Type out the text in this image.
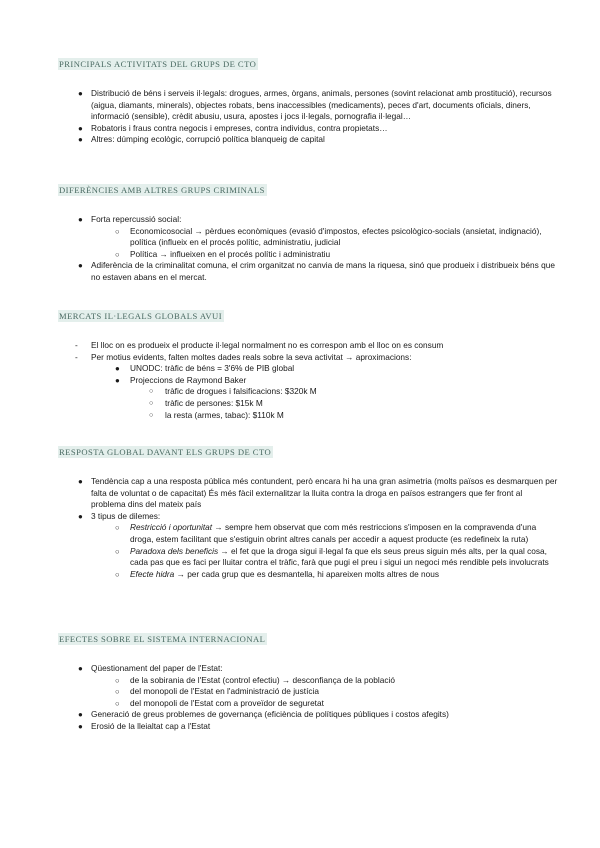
PRINCIPALS ACTIVITATS DEL GRUPS DE CTO
● Distribució de béns i serveis il·legals: drogues, armes, òrgans, animals, persones (sovint relacionat amb prostitució), recursos (aigua, diamants, minerals), objectes robats, bens inaccessibles (medicaments), peces d'art, documents oficials, diners, informació (sensible), crèdit abusiu, usura, apostes i jocs il·legals, pornografia il·legal…
● Robatoris i fraus contra negocis i empreses, contra individus, contra propietats…
● Altres: dúmping ecològic, corrupció política blanqueig de capital
DIFERÈNCIES AMB ALTRES GRUPS CRIMINALS
● Forta repercussió social:
○ Economicosocial → pèrdues econòmiques (evasió d'impostos, efectes psicològico-socials (ansietat, indignació), política (influeix en el procés polític, administratiu, judicial
○ Política → influeixen en el procés polític i administratiu
● Adiferència de la criminalitat comuna, el crim organitzat no canvia de mans la riquesa, sinó que produeix i distribueix béns que no estaven abans en el mercat.
MERCATS IL·LEGALS GLOBALS AVUI
- El lloc on es produeix el producte il·legal normalment no es correspon amb el lloc on es consum
- Per motius evidents, falten moltes dades reals sobre la seva activitat → aproximacions:
● UNODC: tràfic de béns = 3'6% de PIB global
● Projeccions de Raymond Baker
○ tràfic de drogues i falsificacions: $320k M
○ tràfic de persones: $15k M
○ la resta (armes, tabac): $110k M
RESPOSTA GLOBAL DAVANT ELS GRUPS DE CTO
● Tendència cap a una resposta pública més contundent, però encara hi ha una gran asimetria (molts països es desmarquen per falta de voluntat o de capacitat) És més fàcil externalitzar la lluita contra la droga en països estrangers que fer front al problema dins del mateix país
● 3 tipus de dilemes:
○ Restricció i oportunitat → sempre hem observat que com més restriccions s'imposen en la compravenda d'una droga, estem facilitant que s'estiguin obrint altres canals per accedir a aquest producte (es redefineix la ruta)
○ Paradoxa dels beneficis → el fet que la droga sigui il·legal fa que els seus preus siguin més alts, per la qual cosa, cada pas que es faci per lluitar contra el tràfic, farà que pugi el preu i sigui un negoci més rendible pels involucrats
○ Efecte hidra → per cada grup que es desmantella, hi apareixen molts altres de nous
EFECTES SOBRE EL SISTEMA INTERNACIONAL
● Qüestionament del paper de l'Estat:
○ de la sobirania de l'Estat (control efectiu) → desconfiança de la població
○ del monopoli de l'Estat en l'administració de justícia
○ del monopoli de l'Estat com a proveïdor de seguretat
● Generació de greus problemes de governança (eficiència de polítiques públiques i costos afegits)
● Erosió de la lleialtat cap a l'Estat
